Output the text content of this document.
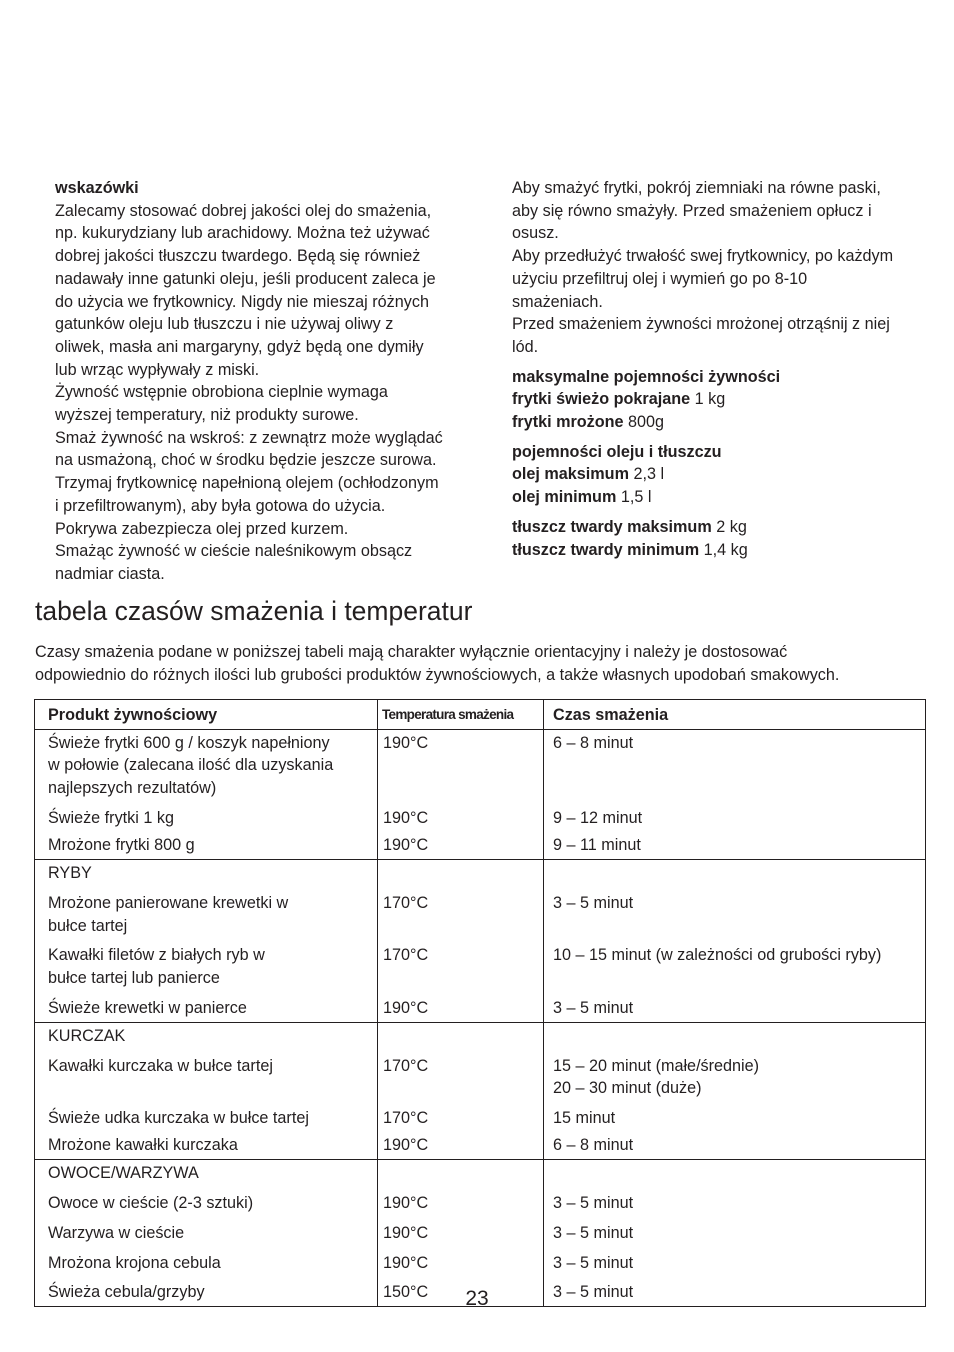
wskazówki

Zalecamy stosować dobrej jakości olej do smażenia,

np. kukurydziany lub arachidowy. Można też używać

dobrej jakości tłuszczu twardego. Będą się również

nadawały inne gatunki oleju, jeśli producent zaleca je

do użycia we frytkownicy. Nigdy nie mieszaj różnych

gatunków oleju lub tłuszczu i nie używaj oliwy z

oliwek, masła ani margaryny, gdyż będą one dymiły

lub wrząc wypływały z miski.

Żywność wstępnie obrobiona cieplnie wymaga

wyższej temperatury, niż produkty surowe.

Smaż żywność na wskroś: z zewnątrz może wyglądać

na usmażoną, choć w środku będzie jeszcze surowa.

Trzymaj frytkownicę napełnioną olejem (ochłodzonym

i przefiltrowanym), aby była gotowa do użycia.

Pokrywa zabezpiecza olej przed kurzem.

Smażąc żywność w cieście naleśnikowym obsącz

nadmiar ciasta.

Aby smażyć frytki, pokrój ziemniaki na równe paski,

aby się równo smażyły. Przed smażeniem opłucz i

osusz.

Aby przedłużyć trwałość swej frytkownicy, po każdym

użyciu przefiltruj olej i wymień go po 8-10

smażeniach.

Przed smażeniem żywności mrożonej otrząśnij z niej

lód.

maksymalne pojemności żywności

frytki świeżo pokrajane 1 kg

frytki mrożone 800g

pojemności oleju i tłuszczu

olej maksimum 2,3 l

olej minimum 1,5 l

tłuszcz twardy maksimum 2 kg

tłuszcz twardy minimum 1,4 kg

tabela czasów smażenia i temperatur

Czasy smażenia podane w poniższej tabeli mają charakter wyłącznie orientacyjny i należy je dostosować
odpowiednio do różnych ilości lub grubości produktów żywnościowych, a także własnych upodobań smakowych.

Produkt żywnościowy	Temperatura smażenia	Czas smażenia

Świeże frytki 600 g / koszyk napełniony
w połowie (zalecana ilość dla uzyskania
najlepszych rezultatów)	190°C	6 – 8 minut
Świeże frytki 1 kg	190°C	9 – 12 minut
Mrożone frytki 800 g	190°C	9 – 11 minut
RYBY		

Mrożone panierowane krewetki w
bułce tartej	170°C	3 – 5 minut

Kawałki filetów z białych ryb w
bułce tartej lub panierce	170°C	10 – 15 minut (w zależności od grubości ryby)
Świeże krewetki w panierce	190°C	3 – 5 minut
KURCZAK		
Kawałki kurczaka w bułce tartej	170°C	15 – 20 minut (małe/średnie)
20 – 30 minut (duże)

Świeże udka kurczaka w bułce tartej	170°C	15 minut
Mrożone kawałki kurczaka	190°C	6 – 8 minut
OWOCE/WARZYWA		
Owoce w cieście (2-3 sztuki)	190°C	3 – 5 minut
Warzywa w cieście	190°C	3 – 5 minut
Mrożona krojona cebula	190°C	3 – 5 minut
Świeża cebula/grzyby	150°C	3 – 5 minut
23
